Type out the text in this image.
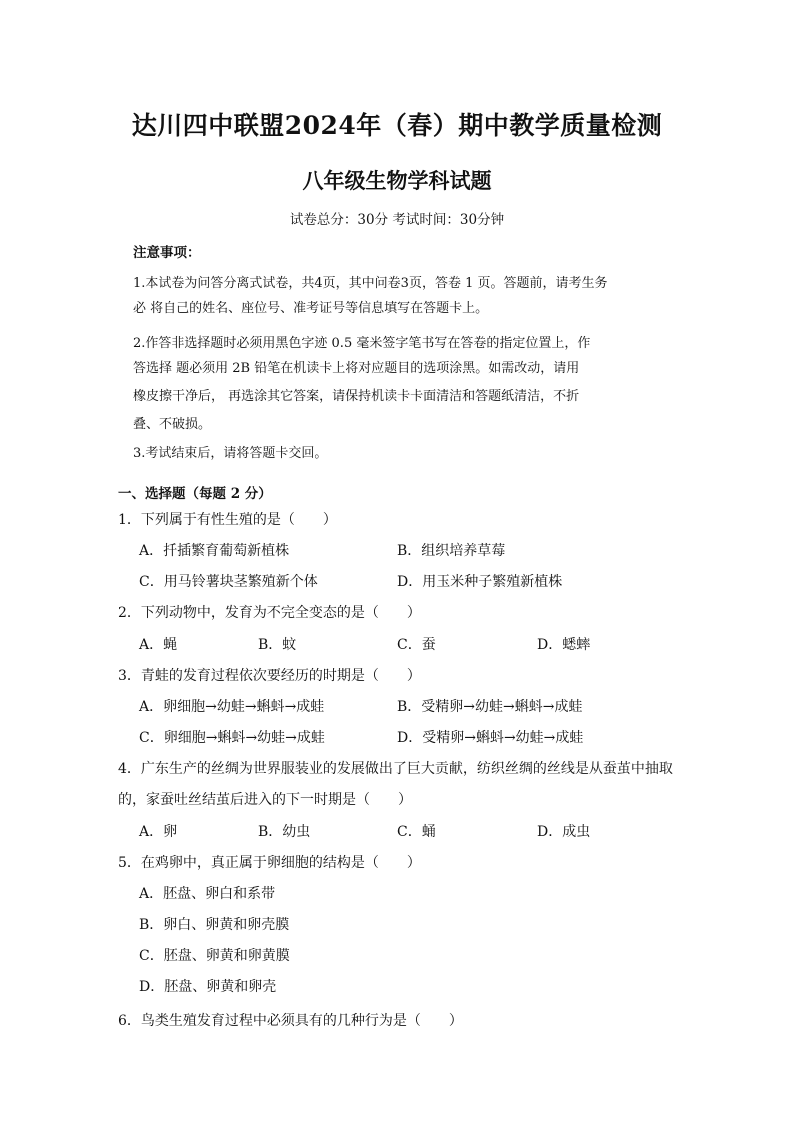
达川四中联盟2024年（春）期中教学质量检测
八年级生物学科试题
试卷总分：30分 考试时间：30分钟
注意事项：
1.本试卷为问答分离式试卷，共4页，其中问卷3页，答卷 1 页。答题前，请考生务
必 将自己的姓名、座位号、准考证号等信息填写在答题卡上。
2.作答非选择题时必须用黑色字迹 0.5 毫米签字笔书写在答卷的指定位置上，作
答选择 题必须用 2B 铅笔在机读卡上将对应题目的选项涂黑。如需改动，请用
橡皮擦干净后， 再选涂其它答案，请保持机读卡卡面清洁和答题纸清洁，不折
叠、不破损。
3.考试结束后，请将答题卡交回。
一、选择题（每题 2 分）
1．下列属于有性生殖的是（　　）
A．扦插繁育葡萄新植株	B．组织培养草莓
C．用马铃薯块茎繁殖新个体	D．用玉米种子繁殖新植株
2．下列动物中，发育为不完全变态的是（　　）
A．蝇	B．蚊	C．蚕	D．蟋蟀
3．青蛙的发育过程依次要经历的时期是（　　）
A．卵细胞→幼蛙→蝌蚪→成蛙	B．受精卵→幼蛙→蝌蚪→成蛙
C．卵细胞→蝌蚪→幼蛙→成蛙	D．受精卵→蝌蚪→幼蛙→成蛙
4．广东生产的丝绸为世界服装业的发展做出了巨大贡献，纺织丝绸的丝线是从蚕茧中抽取
的，家蚕吐丝结茧后进入的下一时期是（　　）
A．卵	B．幼虫	C．蛹	D．成虫
5．在鸡卵中，真正属于卵细胞的结构是（　　）
A．胚盘、卵白和系带
B．卵白、卵黄和卵壳膜
C．胚盘、卵黄和卵黄膜
D．胚盘、卵黄和卵壳
6．鸟类生殖发育过程中必须具有的几种行为是（　　）
